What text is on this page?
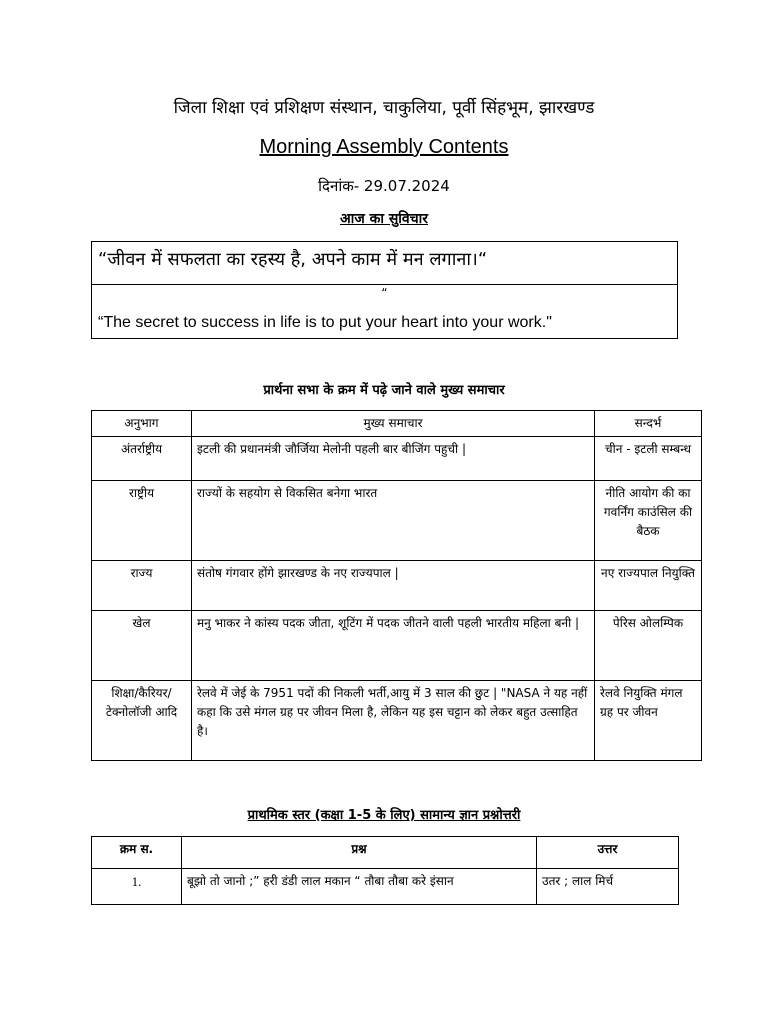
जिला शिक्षा एवं प्रशिक्षण संस्थान, चाकुलिया, पूर्वी सिंहभूम, झारखण्ड
Morning Assembly Contents
दिनांक- 29.07.2024
आज का सुविचार
“जीवन में सफलता का रहस्य है, अपने काम में मन लगाना।“
“
“The secret to success in life is to put your heart into your work."
प्रार्थना सभा के क्रम में पढ़े जाने वाले मुख्य समाचार
अनुभाग	मुख्य समाचार	सन्दर्भ
अंतर्राष्ट्रीय	इटली की प्रधानमंत्री जौर्जिया मेलोनी पहली बार बीजिंग पहुची |	चीन - इटली सम्बन्ध
राष्ट्रीय	राज्यों के सहयोग से विकसित बनेगा भारत	नीति आयोग की का गवर्निंग काउंसिल की बैठक
राज्य	संतोष गंगवार होंगे झारखण्ड के नए राज्यपाल |	नए राज्यपाल नियुक्ति
खेल	मनु भाकर ने कांस्य पदक जीता, शूटिंग में पदक जीतने वाली पहली भारतीय महिला बनी |	पेरिस ओलम्पिक
शिक्षा/कैरियर/ टेक्नोलॉजी आदि	रेलवे में जेई के 7951 पदों की निकली भर्ती,आयु में 3 साल की छुट | "NASA ने यह नहीं कहा कि उसे मंगल ग्रह पर जीवन मिला है, लेकिन यह इस चट्टान को लेकर बहुत उत्साहित है।	रेलवे नियुक्ति मंगल ग्रह पर जीवन
प्राथमिक स्तर (कक्षा 1-5 के लिए) सामान्य ज्ञान प्रश्नोत्तरी
क्रम स.	प्रश्न	उत्तर
1.	बूझो तो जानो ;” हरी डंडी लाल मकान “ तौबा तौबा करे इंसान	उतर ; लाल मिर्च
